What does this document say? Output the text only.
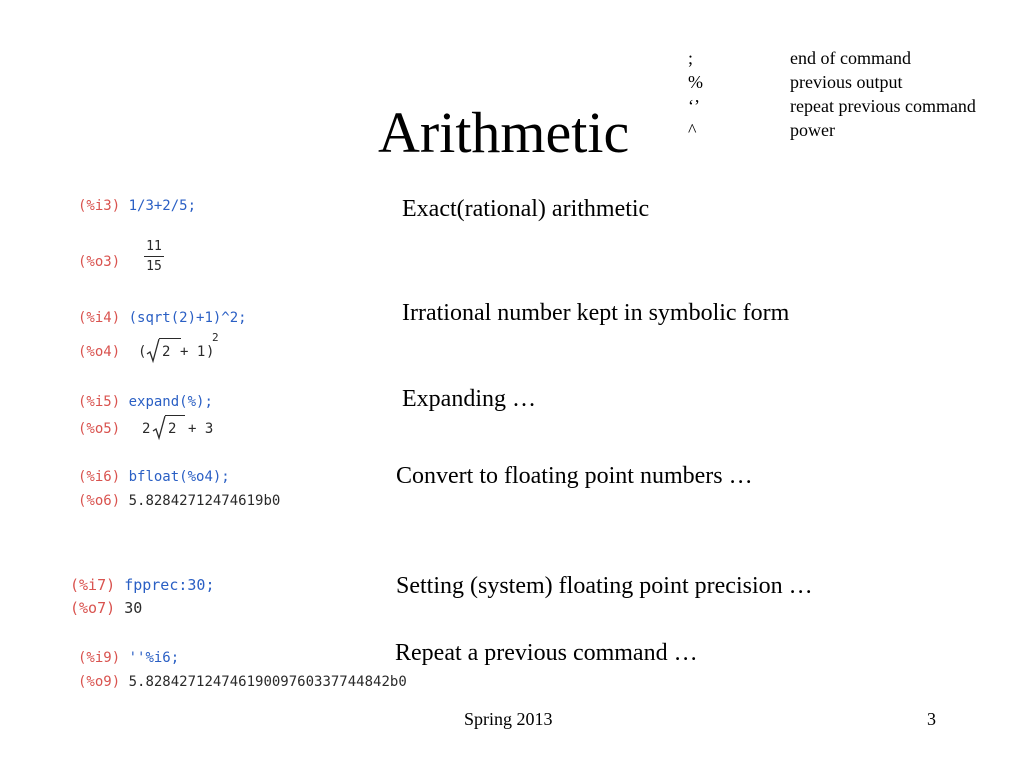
Arithmetic
;	end of command
%	previous output
‘’	repeat previous command
^	power
(%i3) 1/3+2/5;
(%o3)
11
15
(%i4) (sqrt(2)+1)^2;
(%o4) ( 2 + 1 )
2
(%i5) expand(%);
(%o5) 2 2 + 3
(%i6) bfloat(%o4);
(%o6) 5.82842712474619b0
(%i7) fpprec:30;
(%o7) 30
(%i9) ''%i6;
(%o9) 5.82842712474619009760337744842b0
Exact(rational) arithmetic
Irrational number kept in symbolic form
Expanding …
Convert to floating point numbers …
Setting (system) floating point precision …
Repeat a previous command …
Spring 2013	3
